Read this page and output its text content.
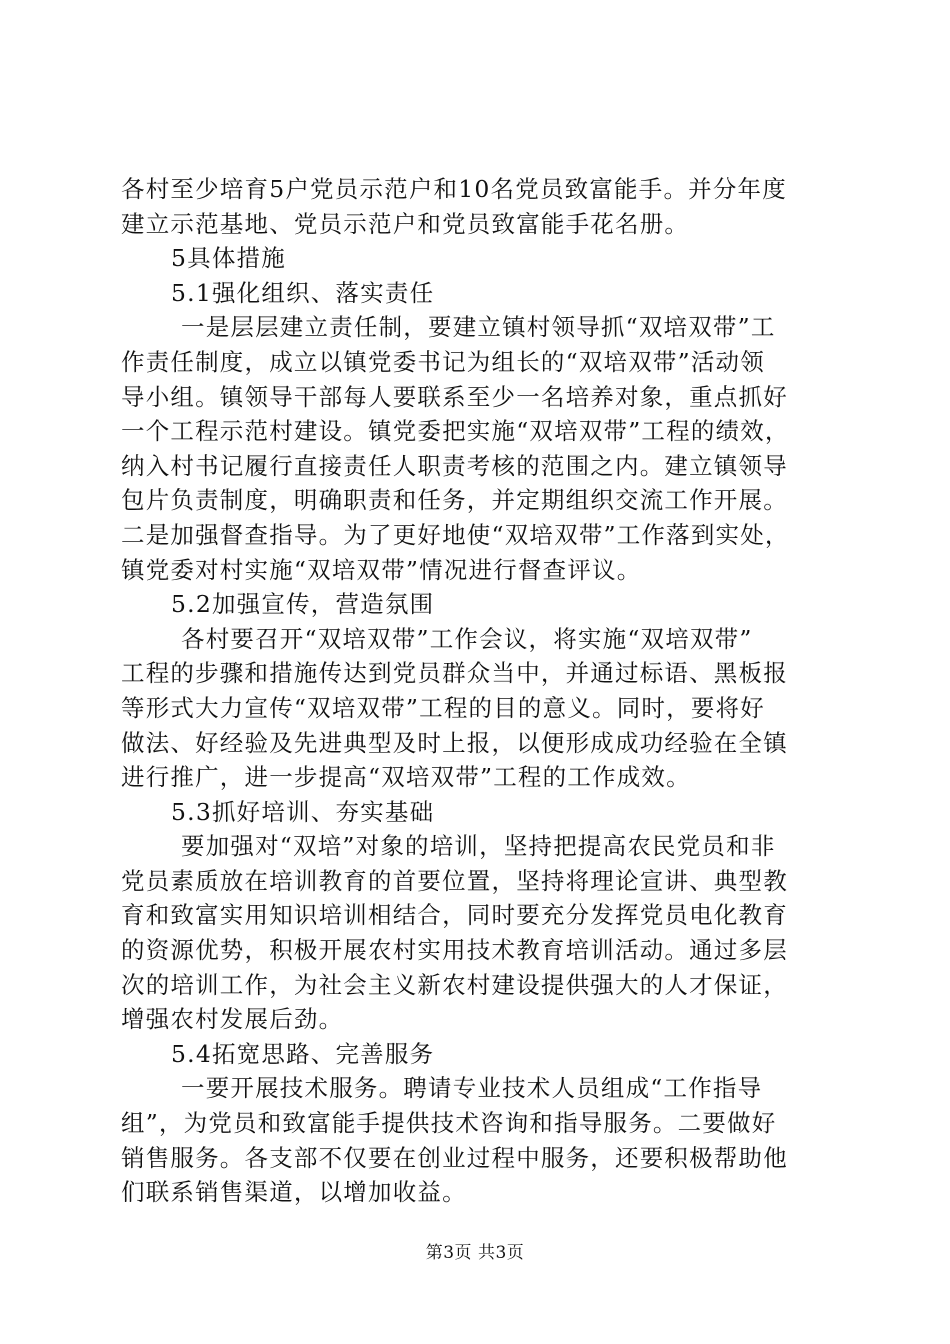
各村至少培育5户党员示范户和10名党员致富能手。并分年度
建立示范基地、党员示范户和党员致富能手花名册。
5具体措施
5.1强化组织、落实责任
一是层层建立责任制，要建立镇村领导抓“双培双带”工
作责任制度，成立以镇党委书记为组长的“双培双带”活动领
导小组。镇领导干部每人要联系至少一名培养对象，重点抓好
一个工程示范村建设。镇党委把实施“双培双带”工程的绩效，
纳入村书记履行直接责任人职责考核的范围之内。建立镇领导
包片负责制度，明确职责和任务，并定期组织交流工作开展。
二是加强督查指导。为了更好地使“双培双带”工作落到实处，
镇党委对村实施“双培双带”情况进行督查评议。
5.2加强宣传，营造氛围
各村要召开“双培双带”工作会议，将实施“双培双带”
工程的步骤和措施传达到党员群众当中，并通过标语、黑板报
等形式大力宣传“双培双带”工程的目的意义。同时，要将好
做法、好经验及先进典型及时上报，以便形成成功经验在全镇
进行推广，进一步提高“双培双带”工程的工作成效。
5.3抓好培训、夯实基础
要加强对“双培”对象的培训，坚持把提高农民党员和非
党员素质放在培训教育的首要位置，坚持将理论宣讲、典型教
育和致富实用知识培训相结合，同时要充分发挥党员电化教育
的资源优势，积极开展农村实用技术教育培训活动。通过多层
次的培训工作，为社会主义新农村建设提供强大的人才保证，
增强农村发展后劲。
5.4拓宽思路、完善服务
一要开展技术服务。聘请专业技术人员组成“工作指导
组”，为党员和致富能手提供技术咨询和指导服务。二要做好
销售服务。各支部不仅要在创业过程中服务，还要积极帮助他
们联系销售渠道，以增加收益。
第3页 共3页
